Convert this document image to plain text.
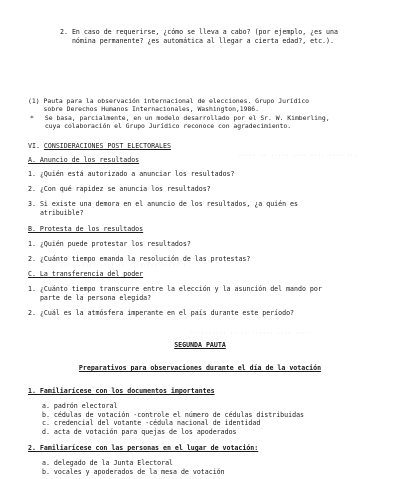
··· ···· ···· ···· ····· ·· ·····
· ····· ······ · ·· ···· ······ ···
···· ···· ······ ·· ·· ······· ··
2. En caso de requerirse, ¿cómo se lleva a cabo? (por ejemplo, ¿es una
nómina permanente? ¿es automática al llegar a cierta edad?, etc.).
(1) Pauta para la observación internacional de elecciones. Grupo Jurídico
sobre Derechos Humanos Internacionales, Washington,1986.
* Se basa, parcialmente, en un modelo desarrollado por el Sr. W. Kimberling,
cuya colaboración el Grupo Jurídico reconoce con agradecimiento.
VI. CONSIDERACIONES POST ELECTORALES
A. Anuncio de los resultados
1. ¿Quién está autorizado a anunciar los resultados?
2. ¿Con qué rapidez se anuncia los resultados?
3. Si existe una demora en el anuncio de los resultados, ¿a quién es
atribuible?
B. Protesta de los resultados
1. ¿Quién puede protestar los resultados?
2. ¿Cuánto tiempo emanda la resolución de las protestas?
C. La transferencia del poder
1. ¿Cuánto tiempo transcurre entre la elección y la asunción del mando por
parte de la persona elegida?
2. ¿Cuál es la atmósfera imperante en el país durante este período?
SEGUNDA PAUTA
Preparativos para observaciones durante el día de la votación
1. Familiarícese con los documentos importantes
a. padrón electoral
b. cédulas de votación -controle el número de cédulas distribuidas
c. credencial del votante -cédula nacional de identidad
d. acta de votación para quejas de los apoderados
2. Familiarícese con las personas en el lugar de votación:
a. delegado de la Junta Electoral
b. vocales y apoderados de la mesa de votación
